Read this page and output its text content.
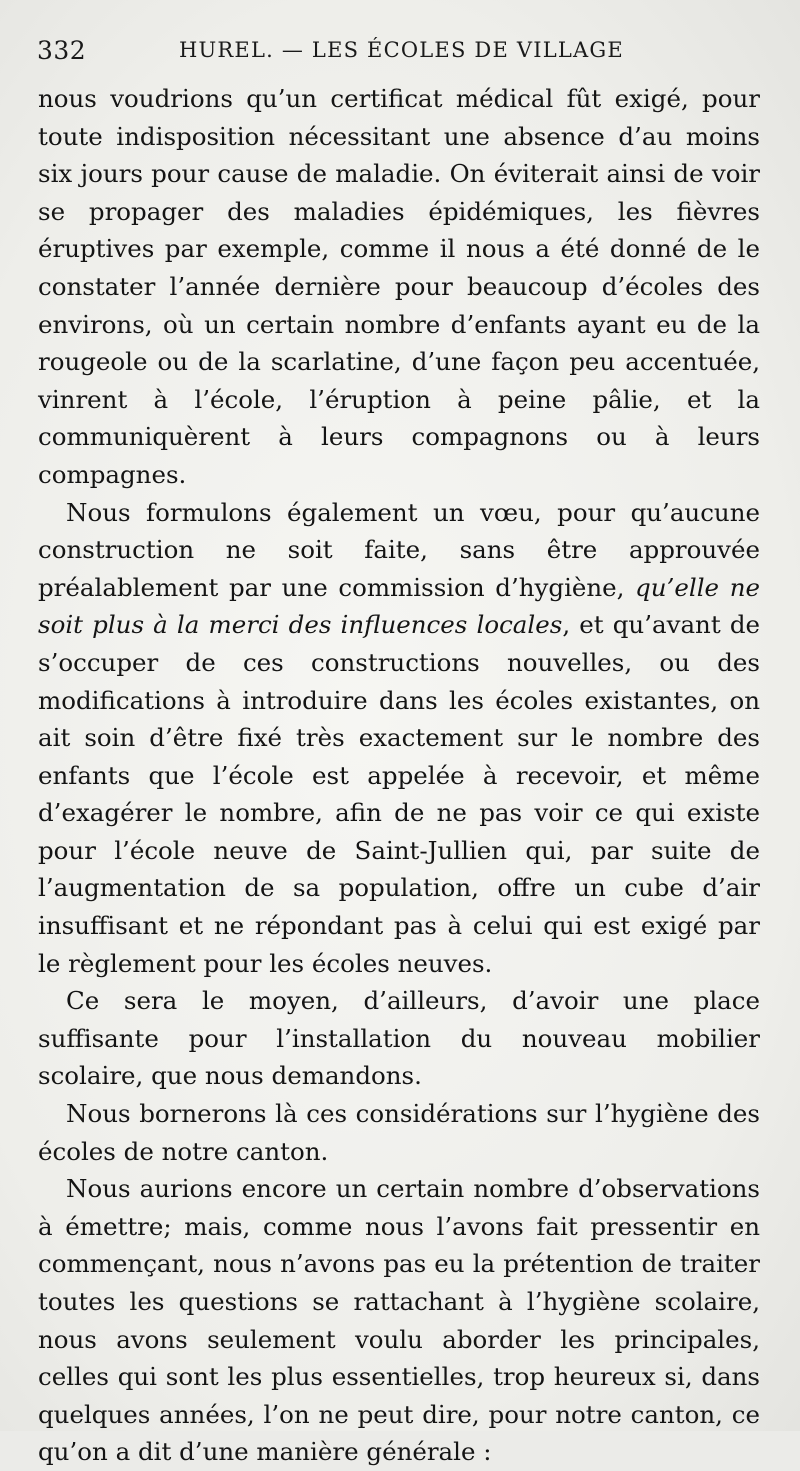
332	HUREL. — LES ÉCOLES DE VILLAGE

nous voudrions qu’un certificat médical fût exigé, pour toute indisposition nécessitant une absence d’au moins six jours pour cause de maladie. On éviterait ainsi de voir se propager des maladies épidémiques, les fièvres éruptives par exemple, comme il nous a été donné de le constater l’année dernière pour beaucoup d’écoles des environs, où un certain nombre d’enfants ayant eu de la rougeole ou de la scarlatine, d’une façon peu accentuée, vinrent à l’école, l’éruption à peine pâlie, et la communiquèrent à leurs compagnons ou à leurs compagnes.

Nous formulons également un vœu, pour qu’aucune construction ne soit faite, sans être approuvée préalablement par une commission d’hygiène, qu’elle ne soit plus à la merci des influences locales, et qu’avant de s’occuper de ces constructions nouvelles, ou des modifications à introduire dans les écoles existantes, on ait soin d’être fixé très exactement sur le nombre des enfants que l’école est appelée à recevoir, et même d’exagérer le nombre, afin de ne pas voir ce qui existe pour l’école neuve de Saint-Jullien qui, par suite de l’augmentation de sa population, offre un cube d’air insuffisant et ne répondant pas à celui qui est exigé par le règlement pour les écoles neuves.

Ce sera le moyen, d’ailleurs, d’avoir une place suffisante pour l’installation du nouveau mobilier scolaire, que nous demandons.

Nous bornerons là ces considérations sur l’hygiène des écoles de notre canton.

Nous aurions encore un certain nombre d’observations à émettre; mais, comme nous l’avons fait pressentir en commençant, nous n’avons pas eu la prétention de traiter toutes les questions se rattachant à l’hygiène scolaire, nous avons seulement voulu aborder les principales, celles qui sont les plus essentielles, trop heureux si, dans quelques années, l’on ne peut dire, pour notre canton, ce qu’on a dit d’une manière générale :
